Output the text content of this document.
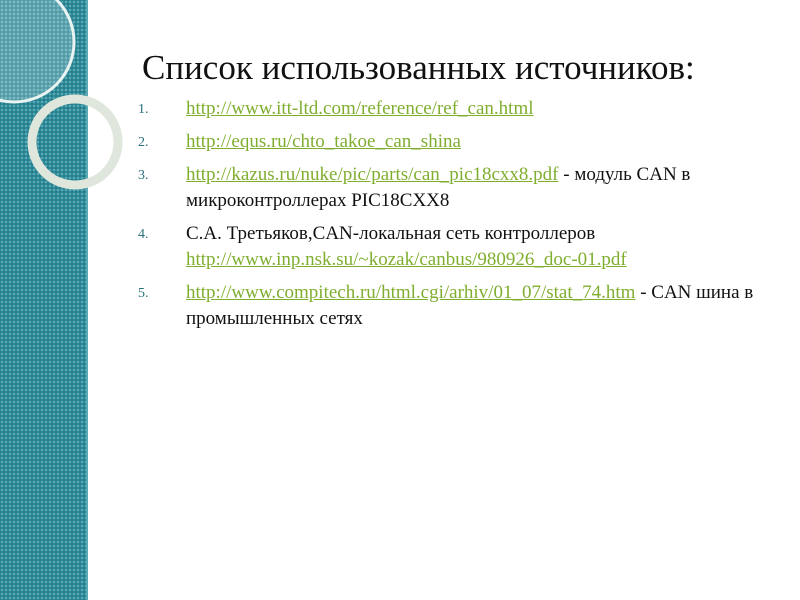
Список использованных источников:
1. http://www.itt-ltd.com/reference/ref_can.html
2. http://equs.ru/chto_takoe_can_shina
3. http://kazus.ru/nuke/pic/parts/can_pic18cxx8.pdf - модуль CAN в микроконтроллерах PIC18CXX8
4. С.А. Третьяков,CAN-локальная сеть контроллеров http://www.inp.nsk.su/~kozak/canbus/980926_doc-01.pdf
5. http://www.compitech.ru/html.cgi/arhiv/01_07/stat_74.htm - CAN шина в промышленных сетях
